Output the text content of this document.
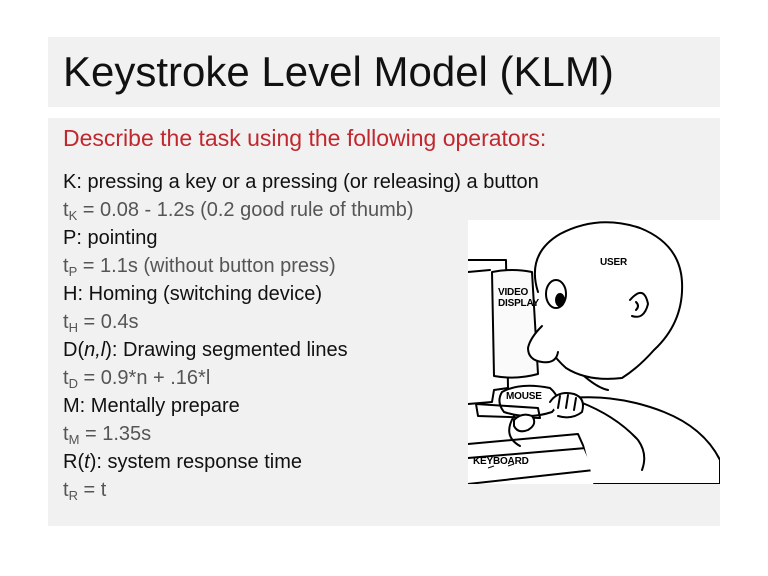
Keystroke Level Model (KLM)
Describe the task using the following operators:
K: pressing a key or a pressing (or releasing) a button
$t_K = 0.08 - 1.2s$ (0.2 good rule of thumb)
P: pointing
$t_P = 1.1s$ (without button press)
H: Homing (switching device)
$t_H = 0.4s$
D(n,l): Drawing segmented lines
$t_D = 0.9*n + .16*l$
M: Mentally prepare
$t_M = 1.35s$
R(t): system response time
$t_R = t$
USER
VIDEO
DISPLAY
MOUSE
KEYBOARD
